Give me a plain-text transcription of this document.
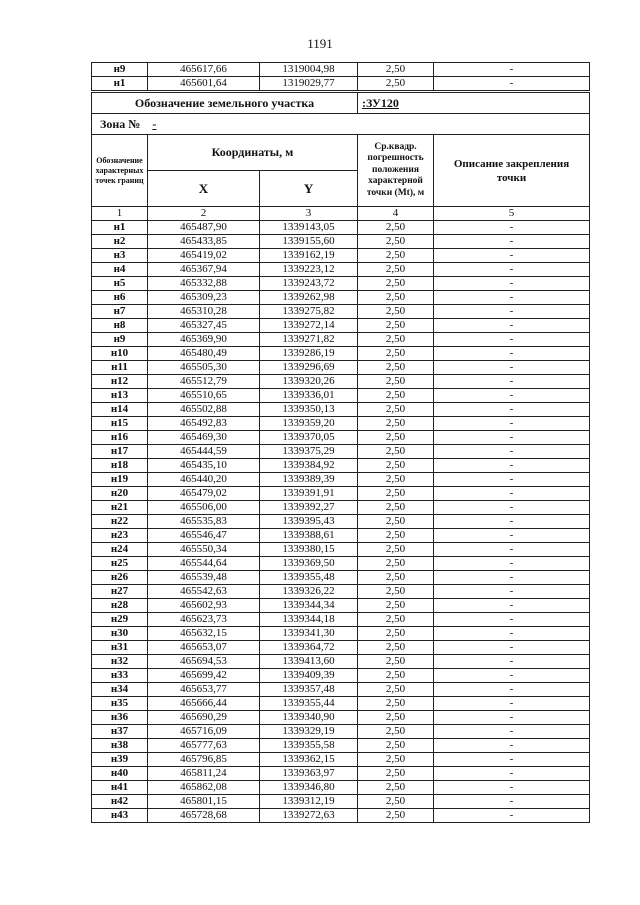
1191
н9	465617,66	1319004,98	2,50	-
н1	465601,64	1319029,77	2,50	-
Обозначение земельного участка			:ЗУ120	
Зона № -				
Обозначение характерных точек границ	Координаты, м		Ср.квадр. погрешность положения характерной точки (Mt), м	Описание закрепления точки
	X	Y		
1	2	3	4	5
н1	465487,90	1339143,05	2,50	-
н2	465433,85	1339155,60	2,50	-
н3	465419,02	1339162,19	2,50	-
н4	465367,94	1339223,12	2,50	-
н5	465332,88	1339243,72	2,50	-
н6	465309,23	1339262,98	2,50	-
н7	465310,28	1339275,82	2,50	-
н8	465327,45	1339272,14	2,50	-
н9	465369,90	1339271,82	2,50	-
н10	465480,49	1339286,19	2,50	-
н11	465505,30	1339296,69	2,50	-
н12	465512,79	1339320,26	2,50	-
н13	465510,65	1339336,01	2,50	-
н14	465502,88	1339350,13	2,50	-
н15	465492,83	1339359,20	2,50	-
н16	465469,30	1339370,05	2,50	-
н17	465444,59	1339375,29	2,50	-
н18	465435,10	1339384,92	2,50	-
н19	465440,20	1339389,39	2,50	-
н20	465479,02	1339391,91	2,50	-
н21	465506,00	1339392,27	2,50	-
н22	465535,83	1339395,43	2,50	-
н23	465546,47	1339388,61	2,50	-
н24	465550,34	1339380,15	2,50	-
н25	465544,64	1339369,50	2,50	-
н26	465539,48	1339355,48	2,50	-
н27	465542,63	1339326,22	2,50	-
н28	465602,93	1339344,34	2,50	-
н29	465623,73	1339344,18	2,50	-
н30	465632,15	1339341,30	2,50	-
н31	465653,07	1339364,72	2,50	-
н32	465694,53	1339413,60	2,50	-
н33	465699,42	1339409,39	2,50	-
н34	465653,77	1339357,48	2,50	-
н35	465666,44	1339355,44	2,50	-
н36	465690,29	1339340,90	2,50	-
н37	465716,09	1339329,19	2,50	-
н38	465777,63	1339355,58	2,50	-
н39	465796,85	1339362,15	2,50	-
н40	465811,24	1339363,97	2,50	-
н41	465862,08	1339346,80	2,50	-
н42	465801,15	1339312,19	2,50	-
н43	465728,68	1339272,63	2,50	-
